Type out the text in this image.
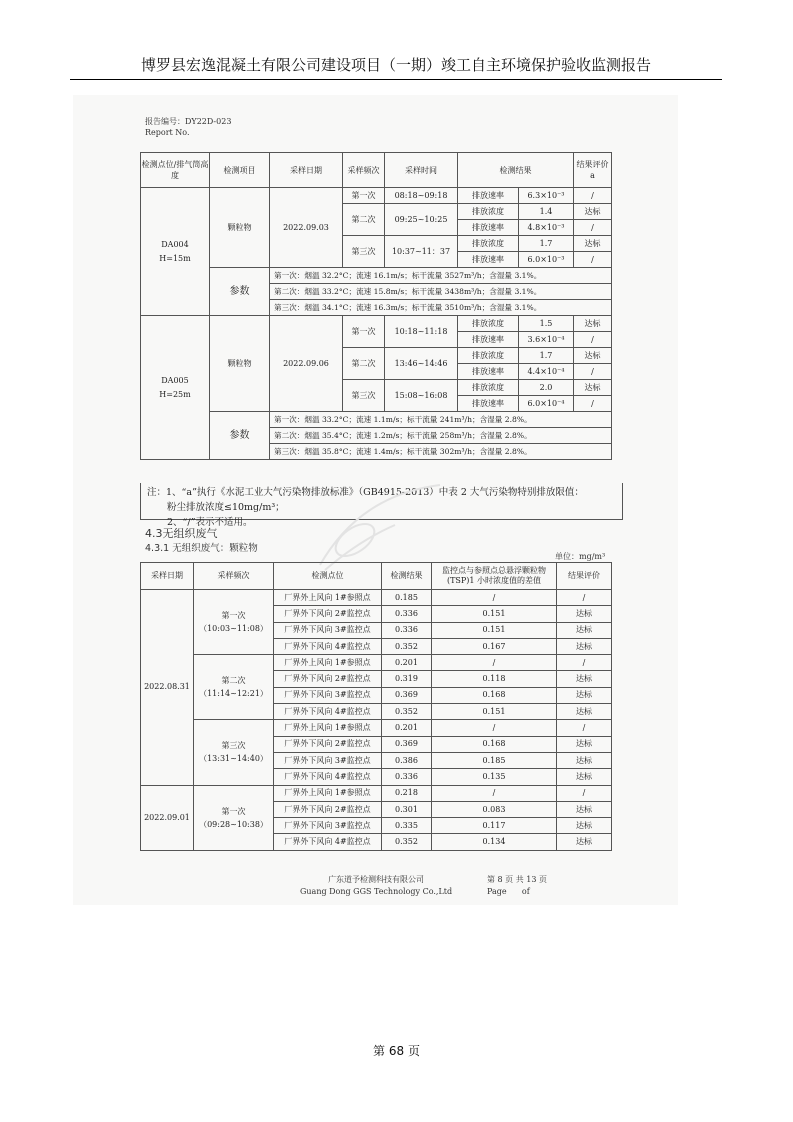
博罗县宏逸混凝土有限公司建设项目（一期）竣工自主环境保护验收监测报告
报告编号：DY22D-023
Report No.
检测点位/排气筒高度	检测项目	采样日期	采样频次	采样时间	检测结果		结果评价 a

DA004
H=15m	颗粒物	2022.09.03	第一次	08:18~09:18	排放速率	6.3×10⁻³	/
			第二次	09:25~10:25	排放浓度	1.4	达标
					排放速率	4.8×10⁻³	/
			第三次	10:37~11：37	排放浓度	1.7	达标
					排放速率	6.0×10⁻³	/
	参数	第一次：烟温 32.2°C；流速 16.1m/s；标干流量 3527m³/h；含湿量 3.1%。					
		第二次：烟温 33.2°C；流速 15.8m/s；标干流量 3438m³/h；含湿量 3.1%。					
		第三次：烟温 34.1°C；流速 16.3m/s；标干流量 3510m³/h；含湿量 3.1%。					

DA005
H=25m	颗粒物	2022.09.06	第一次	10:18~11:18	排放浓度	1.5	达标
					排放速率	3.6×10⁻⁴	/
			第二次	13:46~14:46	排放浓度	1.7	达标
					排放速率	4.4×10⁻⁴	/
			第三次	15:08~16:08	排放浓度	2.0	达标
					排放速率	6.0×10⁻⁴	/
	参数	第一次：烟温 33.2°C；流速 1.1m/s；标干流量 241m³/h；含湿量 2.8%。					
		第二次：烟温 35.4°C；流速 1.2m/s；标干流量 258m³/h；含湿量 2.8%。					
		第三次：烟温 35.8°C；流速 1.4m/s；标干流量 302m³/h；含湿量 2.8%。					
注：1、“a”执行《水泥工业大气污染物排放标准》（GB4915-2013）中表 2 大气污染物特别排放限值：
粉尘排放浓度≤10mg/m³；
2、“/”表示不适用。
4.3无组织废气
4.3.1 无组织废气：颗粒物
单位：mg/m³
采样日期	采样频次	检测点位	检测结果	监控点与参照点总悬浮颗粒物(TSP)1 小时浓度值的差值	结果评价
2022.08.31	第一次
（10:03~11:08）	厂界外上风向 1#参照点	0.185	/	/
		厂界外下风向 2#监控点	0.336	0.151	达标
		厂界外下风向 3#监控点	0.336	0.151	达标
		厂界外下风向 4#监控点	0.352	0.167	达标

	第二次
（11:14~12:21）	厂界外上风向 1#参照点	0.201	/	/
		厂界外下风向 2#监控点	0.319	0.118	达标
		厂界外下风向 3#监控点	0.369	0.168	达标
		厂界外下风向 4#监控点	0.352	0.151	达标

	第三次
（13:31~14:40）	厂界外上风向 1#参照点	0.201	/	/
		厂界外下风向 2#监控点	0.369	0.168	达标
		厂界外下风向 3#监控点	0.386	0.185	达标
		厂界外下风向 4#监控点	0.336	0.135	达标
2022.09.01	第一次
（09:28~10:38）	厂界外上风向 1#参照点	0.218	/	/
		厂界外下风向 2#监控点	0.301	0.083	达标
		厂界外下风向 3#监控点	0.335	0.117	达标
		厂界外下风向 4#监控点	0.352	0.134	达标
广东道予检测科技有限公司
Guang Dong GGS Technology Co.,Ltd
第 8 页 共 13 页
Page      of
第 68 页
